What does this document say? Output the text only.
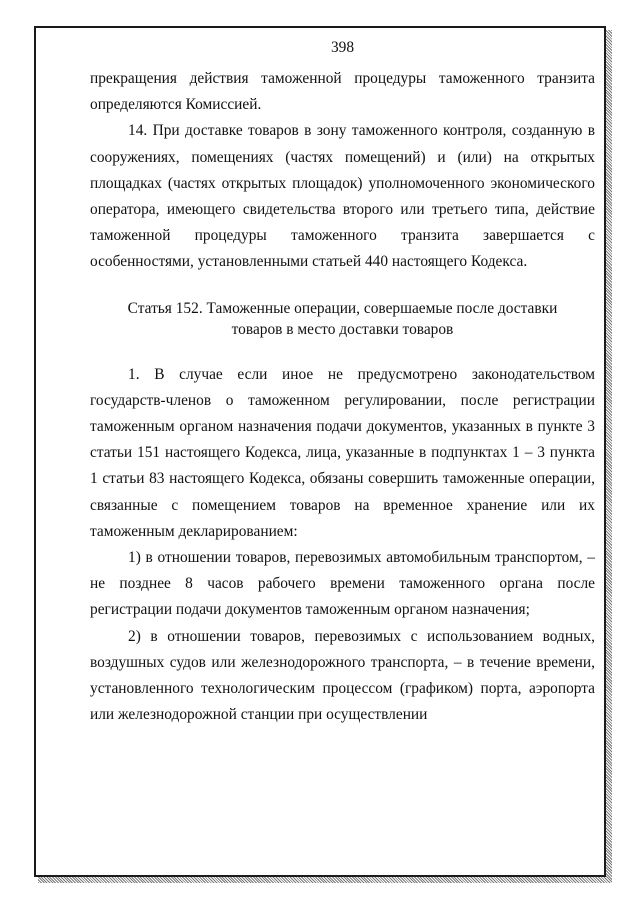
398

прекращения действия таможенной процедуры таможенного транзита определяются Комиссией.

14. При доставке товаров в зону таможенного контроля, созданную в сооружениях, помещениях (частях помещений) и (или) на открытых площадках (частях открытых площадок) уполномоченного экономического оператора, имеющего свидетельства второго или третьего типа, действие таможенной процедуры таможенного транзита завершается с особенностями, установленными статьей 440 настоящего Кодекса.

Статья 152. Таможенные операции, совершаемые после доставки
товаров в место доставки товаров

1. В случае если иное не предусмотрено законодательством государств-членов о таможенном регулировании, после регистрации таможенным органом назначения подачи документов, указанных в пункте 3 статьи 151 настоящего Кодекса, лица, указанные в подпунктах 1 – 3 пункта 1 статьи 83 настоящего Кодекса, обязаны совершить таможенные операции, связанные с помещением товаров на временное хранение или их таможенным декларированием:

1) в отношении товаров, перевозимых автомобильным транспортом, – не позднее 8 часов рабочего времени таможенного органа после регистрации подачи документов таможенным органом назначения;

2) в отношении товаров, перевозимых с использованием водных, воздушных судов или железнодорожного транспорта, – в течение времени, установленного технологическим процессом (графиком) порта, аэропорта или железнодорожной станции при осуществлении
